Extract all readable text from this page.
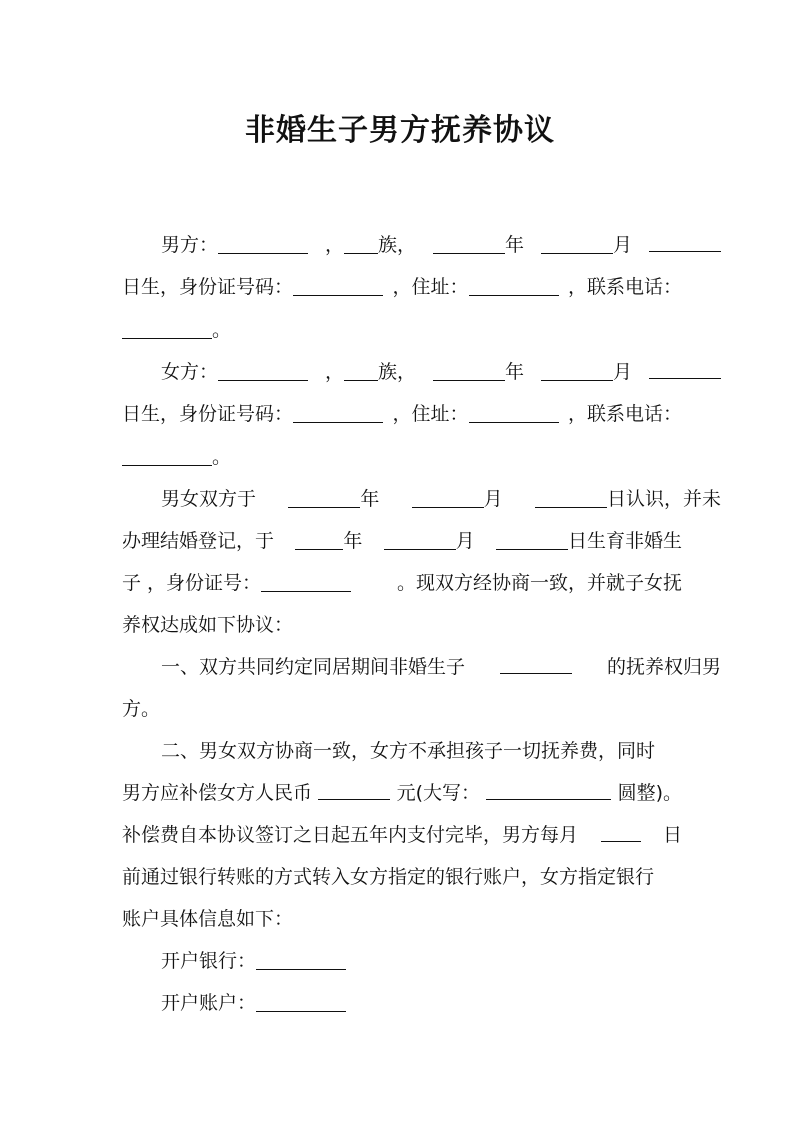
非婚生子男方抚养协议
男方：	， 族，	年	月
日生，身份证号码：	，住址：	，联系电话：
。
女方：	， 族，	年	月
日生，身份证号码：	，住址：	，联系电话：
。
男女双方于	年	月	日认识，并未
办理结婚登记，于	年	月	日生育非婚生
子 ，身份证号：	。现双方经协商一致，并就子女抚
养权达成如下协议：
一、双方共同约定同居期间非婚生子	的抚养权归男
方。
二、男女双方协商一致，女方不承担孩子一切抚养费，同时
男方应补偿女方人民币	元(大写：	圆整)。
补偿费自本协议签订之日起五年内支付完毕，男方每月	日
前通过银行转账的方式转入女方指定的银行账户，女方指定银行
账户具体信息如下：
开户银行：
开户账户：
